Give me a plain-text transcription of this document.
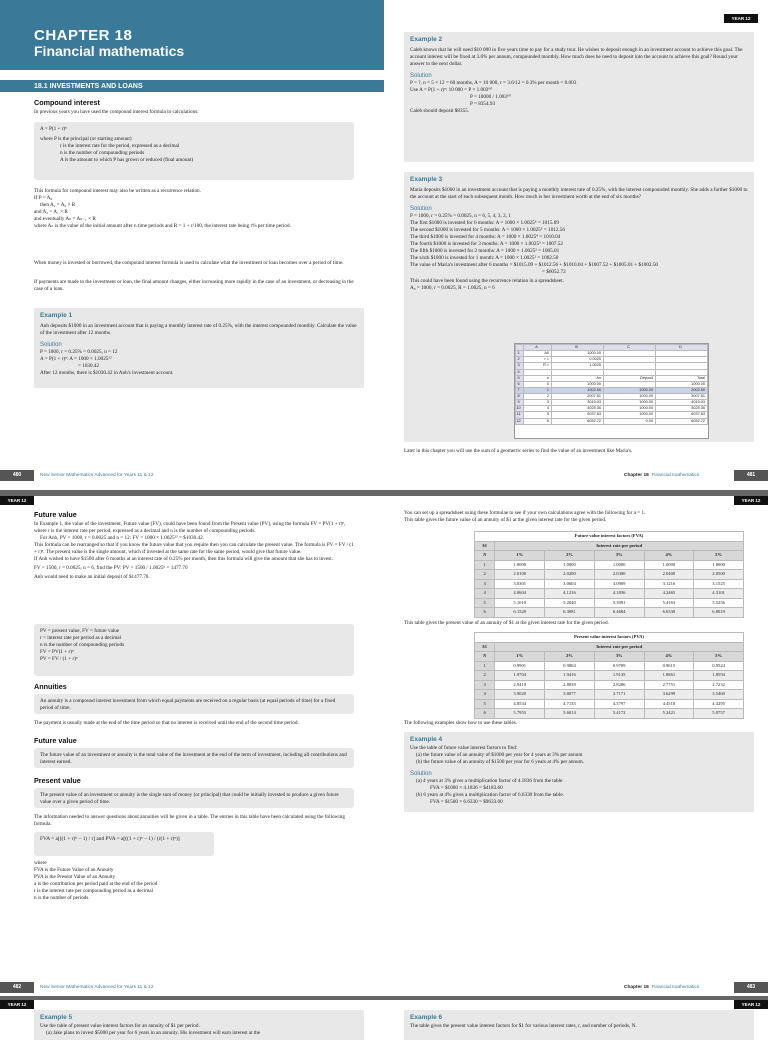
CHAPTER 18
Financial mathematics
18.1 INVESTMENTS AND LOANS
Compound interest
In previous years you have used the compound interest formula in calculations:
A = P(1 + r)ⁿ
where P is the principal (or starting amount)
r is the interest rate for the period, expressed as a decimal
n is the number of compounding periods
A is the amount to which P has grown or reduced (final amount)
This formula for compound interest may also be written as a recurrence relation.
If P = A₀
then A₁ = A₀ × R
and A₂ = A₁ × R
and eventually Aₙ = Aₙ₋₁ × R
where Aₙ is the value of the initial amount after n time periods and R = 1 + r/100, the interest rate being r% per time period.
When money is invested or borrowed, the compound interest formula is used to calculate what the investment or loan becomes over a period of time.
If payments are made to the investment or loan, the final amount changes, either increasing more rapidly in the case of an investment, or decreasing in the case of a loan.
Example 1
Anh deposits $1000 in an investment account that is paying a monthly interest rate of 0.25%, with the interest compounded monthly. Calculate the value of the investment after 12 months.
Solution
P = 1000, r = 0.25% = 0.0025, n = 12
A = P(1 + r)ⁿ: A = 1000 × 1.0025¹²
= 1030.42
After 12 months, there is $1030.42 in Anh's investment account.
480	New Senior Mathematics Advanced for Years 11 & 12
YEAR 12
Example 2
Caleb knows that he will need $10 000 in five years time to pay for a study tour. He wishes to deposit enough in an investment account to achieve this goal. The account interest will be fixed at 3.6% per annum, compounded monthly. How much does he need to deposit into the account to achieve this goal? Round your answer to the next dollar.
Solution
P = ?, n = 5 × 12 = 60 months, A = 10 000, r = 3.6/12 = 0.3% per month = 0.003
Use A = P(1 + r)ⁿ: 10 000 = P × 1.003⁶⁰
P = 10000 / 1.003⁶⁰
P = 8354.93
Caleb should deposit $8355.
Example 3
Maria deposits $1000 in an investment account that is paying a monthly interest rate of 0.25%, with the interest compounded monthly. She adds a further $1000 to the account at the start of each subsequent month. How much is her investment worth at the end of six months?
Solution
P = 1000, r = 0.25% = 0.0025, n = 6, 5, 4, 3, 2, 1
The first $1000 is invested for 6 months: A = 1000 × 1.0025⁶ = 1015.09
The second $1000 is invested for 5 months: A = 1000 × 1.0025⁵ = 1012.56
The third $1000 is invested for 4 months: A = 1000 × 1.0025⁴ = 1010.04
The fourth $1000 is invested for 3 months: A = 1000 × 1.0025³ = 1007.52
The fifth $1000 is invested for 2 months: A = 1000 × 1.0025² = 1005.01
The sixth $1000 is invested for 1 month: A = 1000 × 1.0025¹ = 1002.50
The value of Maria's investment after 6 months = $1015.09 + $1012.56 + $1010.04 + $1007.52 + $1005.01 + $1002.50
= $6052.72
This could have been found using the recurrence relation in a spreadsheet.
A₀ = 1000, r = 0.0025, R = 1.0025, n = 6
	A	B	C	D
1	A0	1000.00		
2	r =	0.0025		
3	R =	1.0025		
4				
5	n	An	Deposit	Total
6	0	1000.00		1000.00
7	1	1002.50	1000.00	2002.50
8	2	2007.51	1000.00	3007.51
9	3	3015.03	1000.00	4015.03
10	4	4025.06	1000.00	5025.06
11	5	5037.63	1000.00	6037.63
12	6	6052.72	0.00	6052.72
Later in this chapter you will use the sum of a geometric series to find the value of an investment like Maria's.
481
Chapter 18 Financial mathematics
YEAR 12
Future value
In Example 1, the value of the investment, Future value (FV), could have been found from the Present value (PV), using the formula FV = PV(1 + r)ⁿ, where r is the interest rate per period, expressed as a decimal and n is the number of compounding periods.
For Anh, PV = 1000, r = 0.0025 and n = 12: FV = 1000 × 1.0025¹² = $1030.42.
This formula can be rearranged so that if you know the future value that you require then you can calculate the present value. The formula is PV = FV / (1 + r)ⁿ. The present value is the single amount, which if invested at the same rate for the same period, would give that future value.
If Anh wished to have $1500 after 6 months at an interest rate of 0.25% per month, then this formula will give the amount that she has to invest.
FV = 1500, r = 0.0025, n = 6, find the PV: PV = 1500 / 1.0025⁶ = 1477.70
Anh would need to make an initial deposit of $1477.70.
PV = present value, FV = future value
r = interest rate per period as a decimal
n is the number of compounding periods
FV = PV(1 + r)ⁿ
PV = FV / (1 + r)ⁿ
Annuities
An annuity is a compound interest investment from which equal payments are received on a regular basis (at equal periods of time) for a fixed period of time.
The payment is usually made at the end of the time period so that no interest is received until the end of the second time period.
Future value
The future value of an investment or annuity is the total value of the investment at the end of the term of investment, including all contributions and interest earned.
Present value
The present value of an investment or annuity is the single sum of money (or principal) that could be initially invested to produce a given future value over a given period of time.
The information needed to answer questions about annuities will be given in a table. The entries in this table have been calculated using the following formula.
FVA = a[((1 + r)ⁿ − 1) / r] and PVA = a[((1 + r)ⁿ − 1) / (r(1 + r)ⁿ)]
where
FVA is the Future Value of an Annuity
PVA is the Present Value of an Annuity
a is the contribution per period paid at the end of the period
r is the interest rate per compounding period as a decimal
n is the number of periods.
482	New Senior Mathematics Advanced for Years 11 & 12
YEAR 12
You can set up a spreadsheet using these formulae to see if your own calculations agree with the following for a = 1.
This table gives the future value of an annuity of $1 at the given interest rate for the given period.
Future value interest factors (FVA)					
$1	Interest rate per period				
N	1%	2%	3%	4%	5%
1	1.0000	1.0000	1.0000	1.0000	1.0000
2	2.0100	2.0200	2.0300	2.0400	2.0500
3	3.0301	3.0604	3.0909	3.1216	3.1525
4	4.0604	4.1216	4.1836	4.2465	4.3101
5	5.1010	5.2040	5.3091	5.4163	5.5256
6	6.1520	6.3081	6.4684	6.6330	6.8019
This table gives the present value of an annuity of $1 at the given interest rate for the given period.
Present value interest factors (PVA)					
$1	Interest rate per period				
N	1%	2%	3%	4%	5%
1	0.9901	0.9804	0.9709	0.9615	0.9524
2	1.9704	1.9416	1.9135	1.8861	1.8594
3	2.9410	2.8839	2.8286	2.7751	2.7232
4	3.9020	3.8077	3.7171	3.6299	3.5460
5	4.8534	4.7135	4.5797	4.4518	4.3295
6	5.7955	5.6014	5.4172	5.2421	5.0757
The following examples show how to use these tables.
Example 4
Use the table of future value interest factors to find:
(a) the future value of an annuity of $1000 per year for 4 years at 3% per annum
(b) the future value of an annuity of $1500 per year for 6 years at 4% per annum.
Solution
(a) 4 years at 3% gives a multiplication factor of 4.1836 from the table.
FVA = $1000 × 4.1836 = $4183.60
(b) 6 years at 4% gives a multiplication factor of 6.6330 from the table.
FVA = $1500 × 6.6330 = $9633.00
483
Chapter 18 Financial mathematics
YEAR 12
Example 5
Use the table of present value interest factors for an annuity of $1 per period.
(a) Jake plans to invest $5000 per year for 6 years in an annuity. His investment will earn interest at the
YEAR 12
Example 6
The table gives the present value interest factors for $1 for various interest rates, r, and number of periods, N.
